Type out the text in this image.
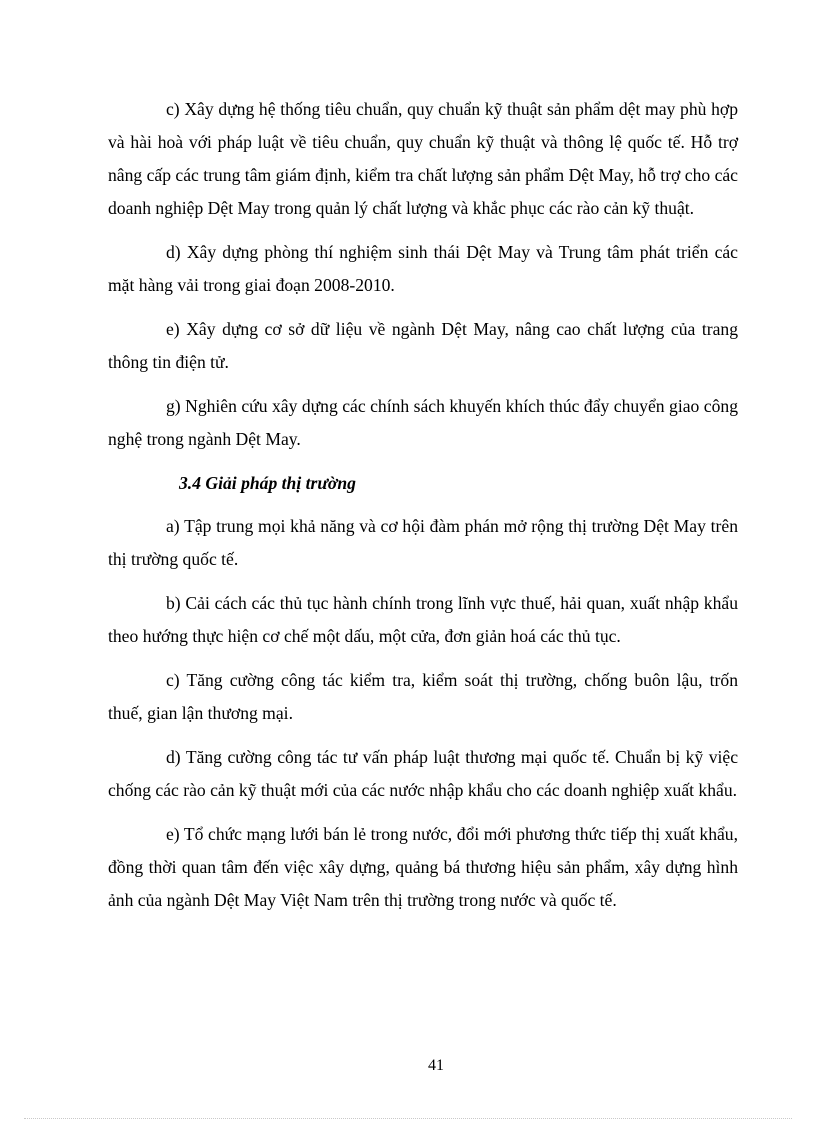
c) Xây dựng hệ thống tiêu chuẩn, quy chuẩn kỹ thuật sản phẩm dệt may phù hợp và hài hoà với pháp luật về tiêu chuẩn, quy chuẩn kỹ thuật và thông lệ quốc tế. Hỗ trợ nâng cấp các trung tâm giám định, kiểm tra chất lượng sản phẩm Dệt May, hỗ trợ cho các doanh nghiệp Dệt May trong quản lý chất lượng và khắc phục các rào cản kỹ thuật.

d) Xây dựng phòng thí nghiệm sinh thái Dệt May và Trung tâm phát triển các mặt hàng vải trong giai đoạn 2008-2010.

e) Xây dựng cơ sở dữ liệu về ngành Dệt May, nâng cao chất lượng của trang thông tin điện tử.

g) Nghiên cứu xây dựng các chính sách khuyến khích thúc đẩy chuyển giao công nghệ trong ngành Dệt May.

3.4 Giải pháp thị trường

a) Tập trung mọi khả năng và cơ hội đàm phán mở rộng thị trường Dệt May trên thị trường quốc tế.

b) Cải cách các thủ tục hành chính trong lĩnh vực thuế, hải quan, xuất nhập khẩu theo hướng thực hiện cơ chế một dấu, một cửa, đơn giản hoá các thủ tục.

c) Tăng cường công tác kiểm tra, kiểm soát thị trường, chống buôn lậu, trốn thuế, gian lận thương mại.

d) Tăng cường công tác tư vấn pháp luật thương mại quốc tế. Chuẩn bị kỹ việc chống các rào cản kỹ thuật mới của các nước nhập khẩu cho các doanh nghiệp xuất khẩu.

e) Tổ chức mạng lưới bán lẻ trong nước, đổi mới phương thức tiếp thị xuất khẩu, đồng thời quan tâm đến việc xây dựng, quảng bá thương hiệu sản phẩm, xây dựng hình ảnh của ngành Dệt May Việt Nam trên thị trường trong nước và quốc tế.

41
